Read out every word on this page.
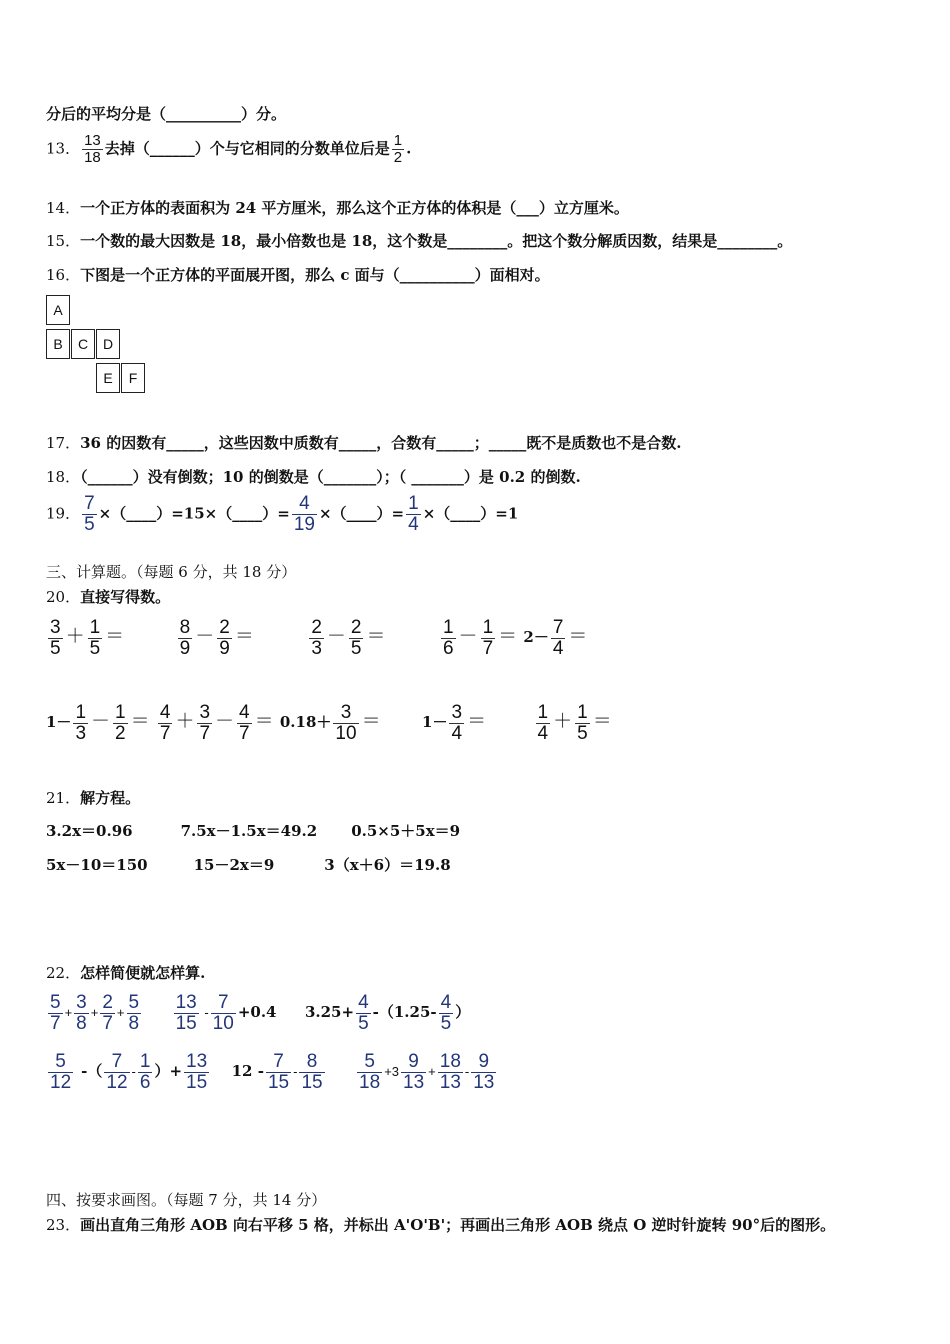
分后的平均分是（__________）分。
13． $\frac{13}{18}$ 去掉（______）个与它相同的分数单位后是 $\frac{1}{2}$ .
14．一个正方体的表面积为 24 平方厘米，那么这个正方体的体积是（___）立方厘米。
15．一个数的最大因数是 18，最小倍数也是 18，这个数是________。把这个数分解质因数，结果是________。
16．下图是一个正方体的平面展开图，那么 c 面与（__________）面相对。
A
B	C	D
E	F
17．36 的因数有_____，这些因数中质数有_____，合数有_____；_____既不是质数也不是合数.
18．（______）没有倒数；10 的倒数是（_______）；（ _______）是 0.2 的倒数.
19． $\frac{7}{5}$ ×（____）=15×（____）= $\frac{4}{19}$ ×（____）= $\frac{1}{4}$ ×（____）=1
三、计算题。（每题 6 分，共 18 分）
20．直接写得数。
$\frac{3}{5} + \frac{1}{5}$ ＝	$\frac{8}{9} - \frac{2}{9}$ ＝	$\frac{2}{3} - \frac{2}{5}$ ＝	$\frac{1}{6} - \frac{1}{7} = 2- \frac{7}{4}$ ＝
$1- \frac{1}{3} - \frac{1}{2} = \frac{4}{7} + \frac{3}{7} - \frac{4}{7} = 0.18+ \frac{3}{10}$ ＝	$1- \frac{3}{4}$ ＝	$\frac{1}{4} + \frac{1}{5}$ ＝
21．解方程。
3.2x＝0.96	7.5x－1.5x＝49.2 0.5×5＋5x＝9
5x－10＝150	15－2x＝9	3（x＋6）＝19.8
22．怎样简便就怎样算.
$\frac{5}{7} + \frac{3}{8} + \frac{2}{7} + \frac{5}{8}$
$\frac{13}{15} - \frac{7}{10} +0.4$ $3.25+ \frac{4}{5} -(1.25- \frac{4}{5}$ ）
$\frac{5}{12}$ -（ $\frac{7}{12} - \frac{1}{6}$ ）+ $\frac{13}{15} 12 - \frac{7}{15} - \frac{8}{15}$
$\frac{5}{18} +3 \frac{9}{13} + \frac{18}{13} - \frac{9}{13}$
四、按要求画图。（每题 7 分，共 14 分）
23．画出直角三角形 AOB 向右平移 5 格，并标出 A'O'B'；再画出三角形 AOB 绕点 O 逆时针旋转 90°后的图形。
